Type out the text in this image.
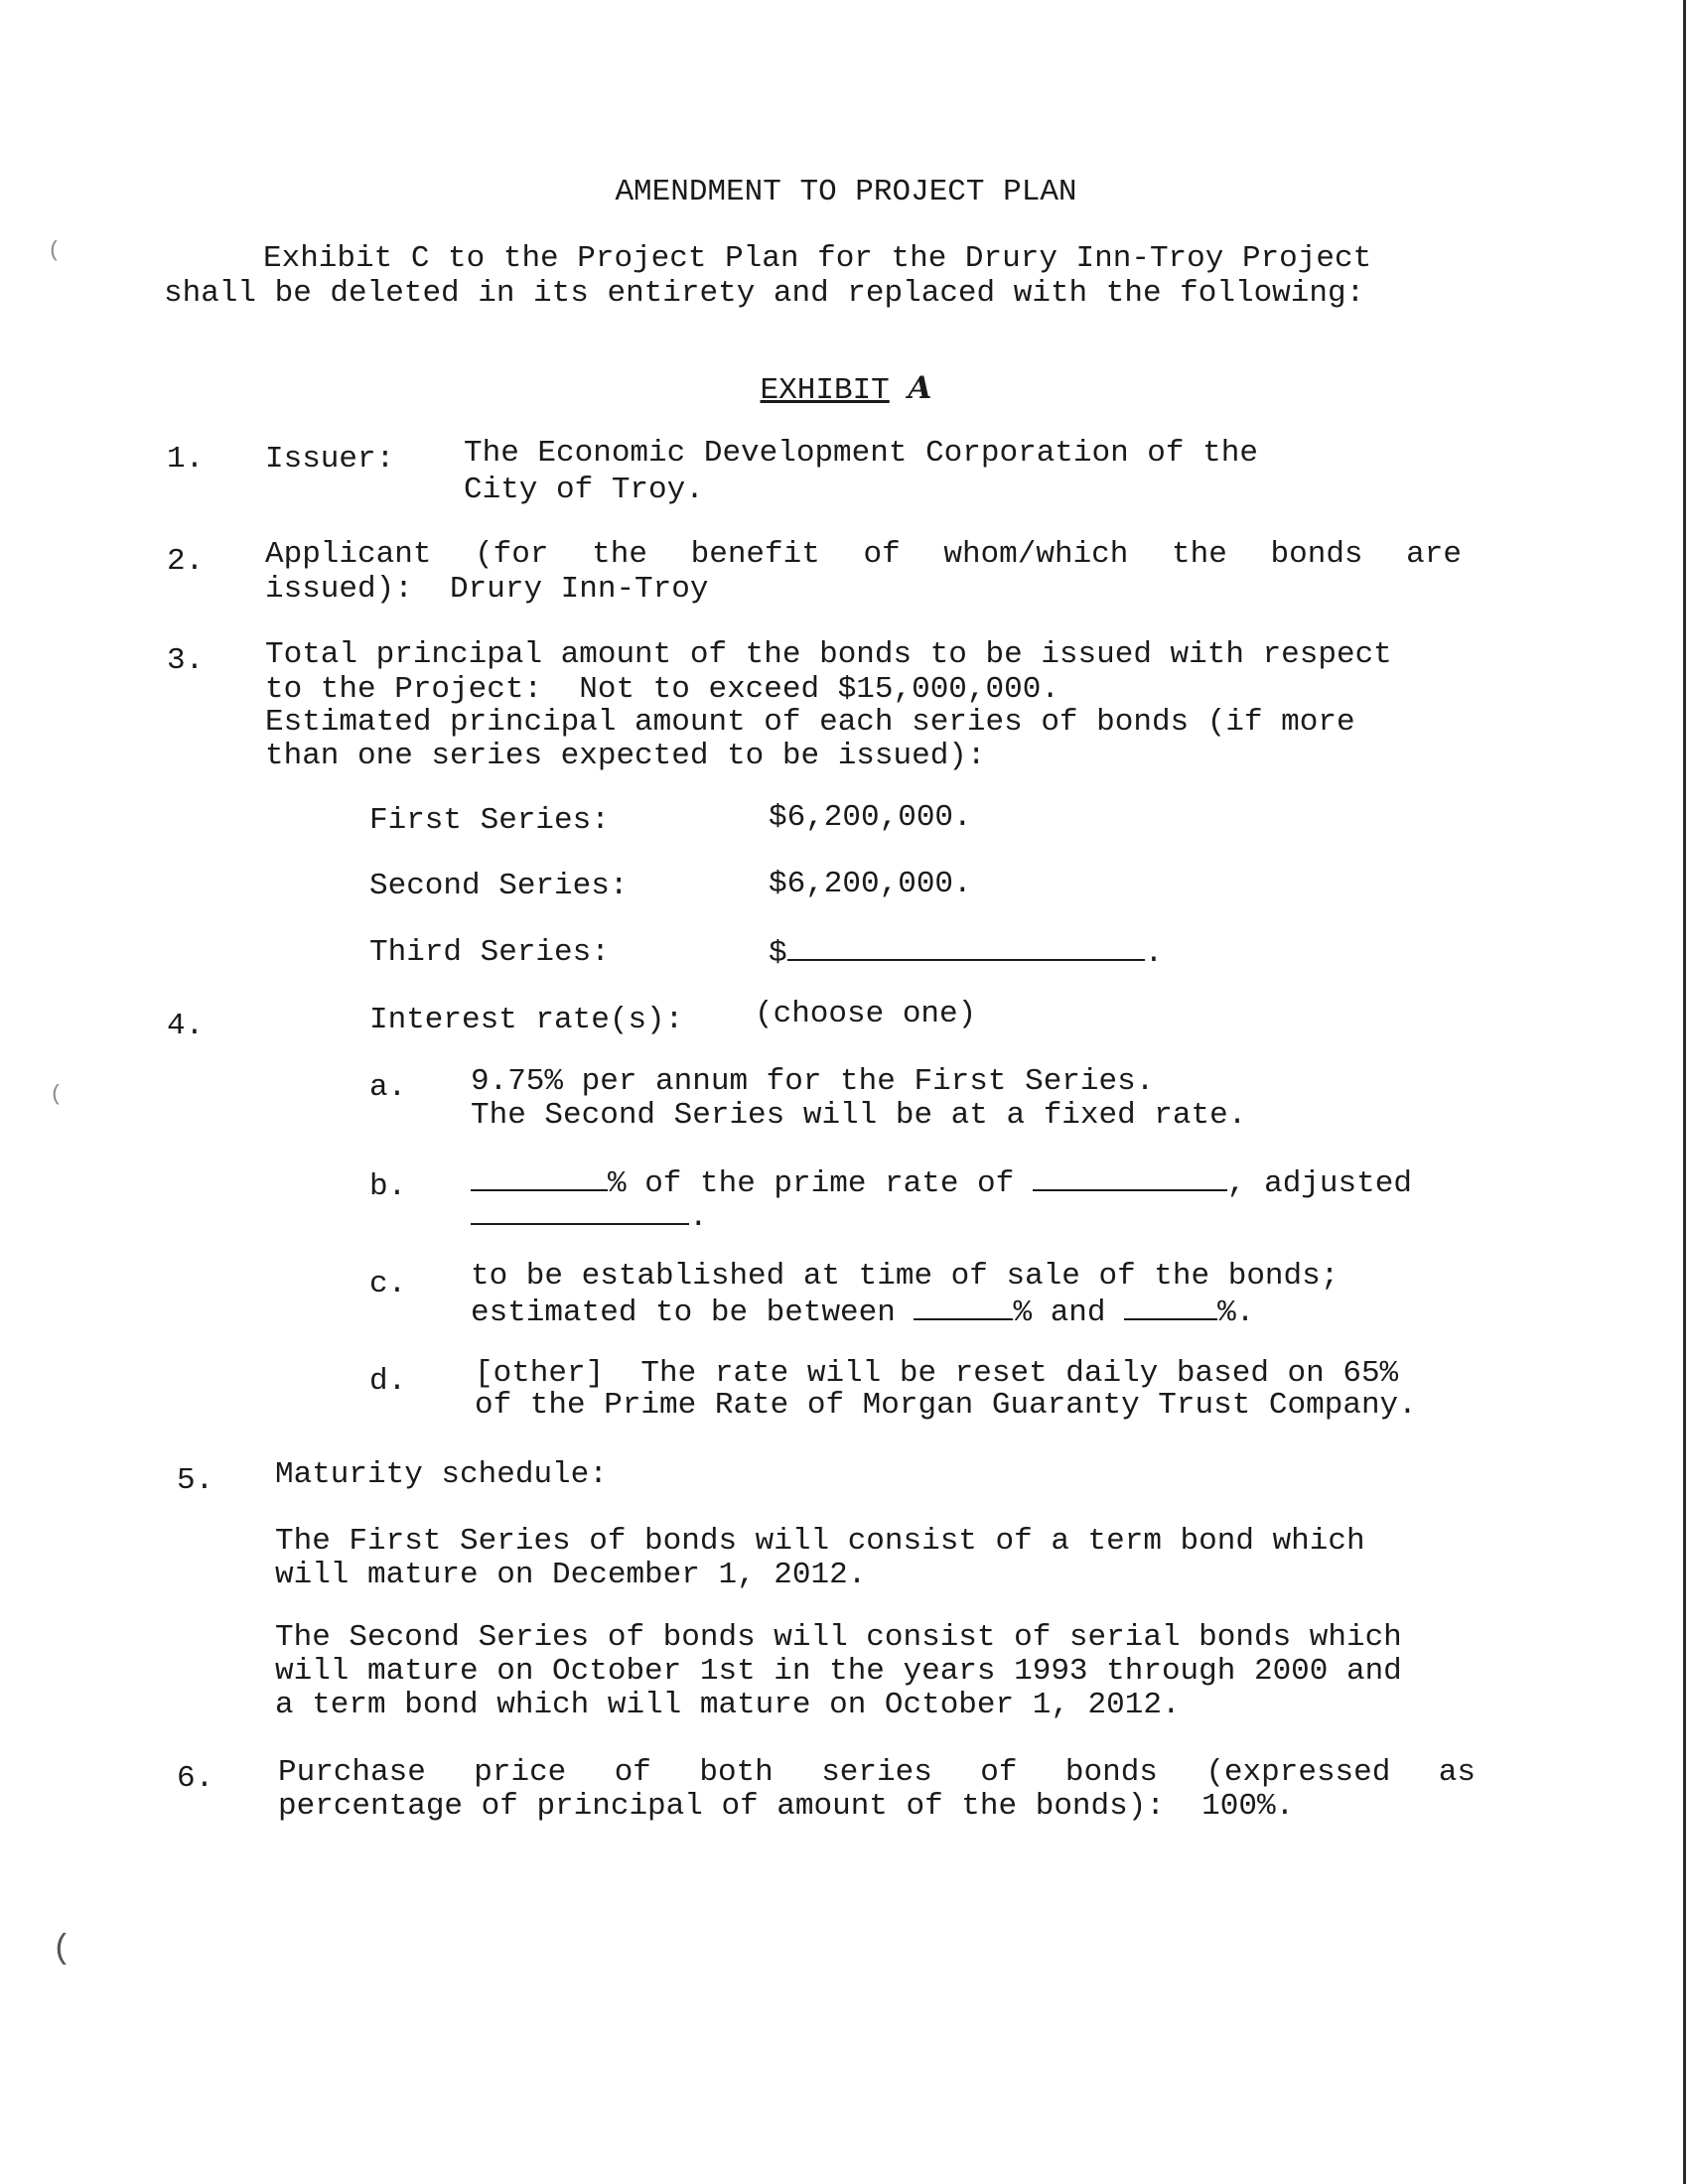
(
(
(
AMENDMENT TO PROJECT PLAN
Exhibit C to the Project Plan for the Drury Inn-Troy Project
shall be deleted in its entirety and replaced with the following:
EXHIBIT A
1. Issuer: The Economic Development Corporation of the
City of Troy.
2. Applicant (for the benefit of whom/which the bonds are
issued):  Drury Inn-Troy
3. Total principal amount of the bonds to be issued with respect
to the Project:  Not to exceed $15,000,000.
Estimated principal amount of each series of bonds (if more
than one series expected to be issued):
First Series:	$6,200,000.
Second Series:	$6,200,000.
Third Series:	$	.
4.	Interest rate(s): (choose one)
a. 9.75% per annum for the First Series.
The Second Series will be at a fixed rate.
b.	% of the prime rate of	, adjusted
.
c. to be established at time of sale of the bonds;
estimated to be between	% and	%.
d. [other]  The rate will be reset daily based on 65%
of the Prime Rate of Morgan Guaranty Trust Company.
5. Maturity schedule:
The First Series of bonds will consist of a term bond which
will mature on December 1, 2012.
The Second Series of bonds will consist of serial bonds which
will mature on October 1st in the years 1993 through 2000 and
a term bond which will mature on October 1, 2012.
6. Purchase price of both series of bonds (expressed as
percentage of principal of amount of the bonds):  100%.
